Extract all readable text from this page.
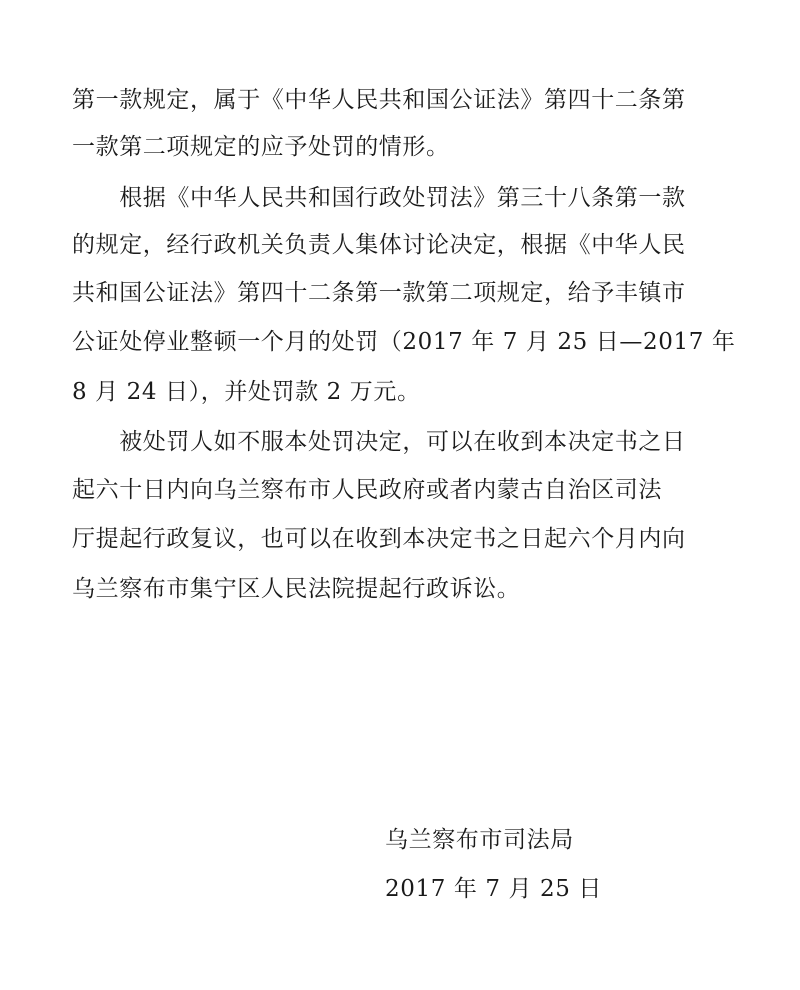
第一款规定，属于《中华人民共和国公证法》第四十二条第
一款第二项规定的应予处罚的情形。
　　根据《中华人民共和国行政处罚法》第三十八条第一款
的规定，经行政机关负责人集体讨论决定，根据《中华人民
共和国公证法》第四十二条第一款第二项规定，给予丰镇市
公证处停业整顿一个月的处罚（2017 年 7 月 25 日—2017 年
8 月 24 日），并处罚款 2 万元。
　　被处罚人如不服本处罚决定，可以在收到本决定书之日
起六十日内向乌兰察布市人民政府或者内蒙古自治区司法
厅提起行政复议，也可以在收到本决定书之日起六个月内向
乌兰察布市集宁区人民法院提起行政诉讼。
乌兰察布市司法局
2017 年 7 月 25 日
